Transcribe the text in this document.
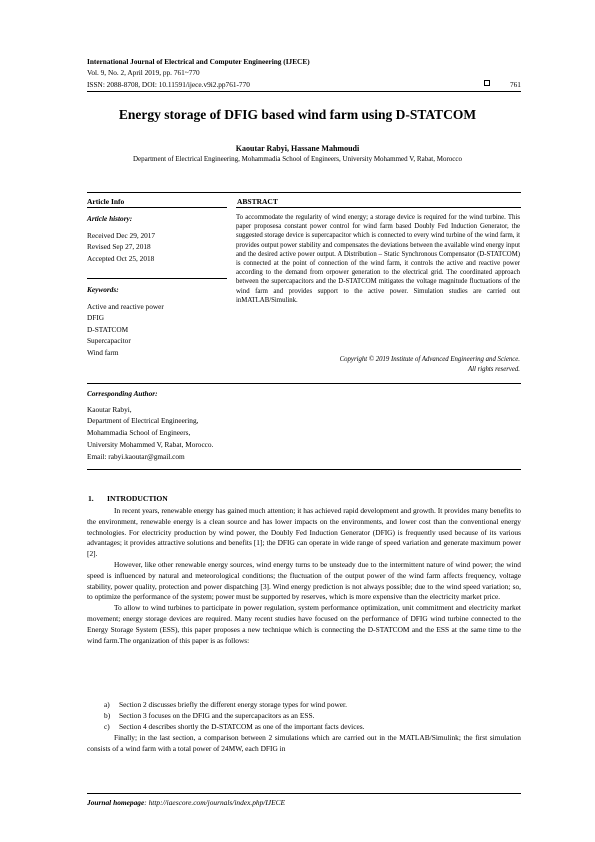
International Journal of Electrical and Computer Engineering (IJECE)
Vol. 9, No. 2, April 2019, pp. 761~770
ISSN: 2088-8708, DOI: 10.11591/ijece.v9i2.pp761-770	761
Energy storage of DFIG based wind farm using D-STATCOM
Kaoutar Rabyi, Hassane Mahmoudi
Department of Electrical Engineering, Mohammadia School of Engineers, University Mohammed V, Rabat, Morocco
Article Info	ABSTRACT
Article history:
Received Dec 29, 2017
Revised Sep 27, 2018
Accepted Oct 25, 2018
Keywords:
Active and reactive power
DFIG
D-STATCOM
Supercapacitor
Wind farm
To accommodate the regularity of wind energy; a storage device is required for the wind turbine. This paper proposesa constant power control for wind farm based Doubly Fed Induction Generator, the suggested storage device is supercapacitor which is connected to every wind turbine of the wind farm, it provides output power stability and compensates the deviations between the available wind energy input and the desired active power output. A Distribution – Static Synchronous Compensator (D-STATCOM) is connected at the point of connection of the wind farm, it controls the active and reactive power according to the demand from orpower generation to the electrical grid. The coordinated approach between the supercapacitors and the D-STATCOM mitigates the voltage magnitude fluctuations of the wind farm and provides support to the active power. Simulation studies are carried out inMATLAB/Simulink.
Copyright © 2019 Institute of Advanced Engineering and Science.
All rights reserved.
Corresponding Author:
Kaoutar Rabyi,
Department of Electrical Engineering,
Mohammadia School of Engineers,
University Mohammed V, Rabat, Morocco.
Email: rabyi.kaoutar@gmail.com
1. INTRODUCTION

In recent years, renewable energy has gained much attention; it has achieved rapid development and growth. It provides many benefits to the environment, renewable energy is a clean source and has lower impacts on the environments, and lower cost than the conventional energy technologies. For electricity production by wind power, the Doubly Fed Induction Generator (DFIG) is frequently used because of its various advantages; it provides attractive solutions and benefits [1]; the DFIG can operate in wide range of speed variation and generate maximum power [2].

However, like other renewable energy sources, wind energy turns to be unsteady due to the intermittent nature of wind power; the wind speed is influenced by natural and meteorological conditions; the fluctuation of the output power of the wind farm affects frequency, voltage stability, power quality, protection and power dispatching [3]. Wind energy prediction is not always possible; due to the wind speed variation; so, to optimize the performance of the system; power must be supported by reserves, which is more expensive than the electricity market price.

To allow to wind turbines to participate in power regulation, system performance optimization, unit commitment and electricity market movement; energy storage devices are required. Many recent studies have focused on the performance of DFIG wind turbine connected to the Energy Storage System (ESS), this paper proposes a new technique which is connecting the D-STATCOM and the ESS at the same time to the wind farm.The organization of this paper is as follows:

a) Section 2 discusses briefly the different energy storage types for wind power.
b) Section 3 focuses on the DFIG and the supercapacitors as an ESS.
c) Section 4 describes shortly the D-STATCOM as one of the important facts devices.

Finally; in the last section, a comparison between 2 simulations which are carried out in the MATLAB/Simulink; the first simulation consists of a wind farm with a total power of 24MW, each DFIG in

Journal homepage: http://iaescore.com/journals/index.php/IJECE
